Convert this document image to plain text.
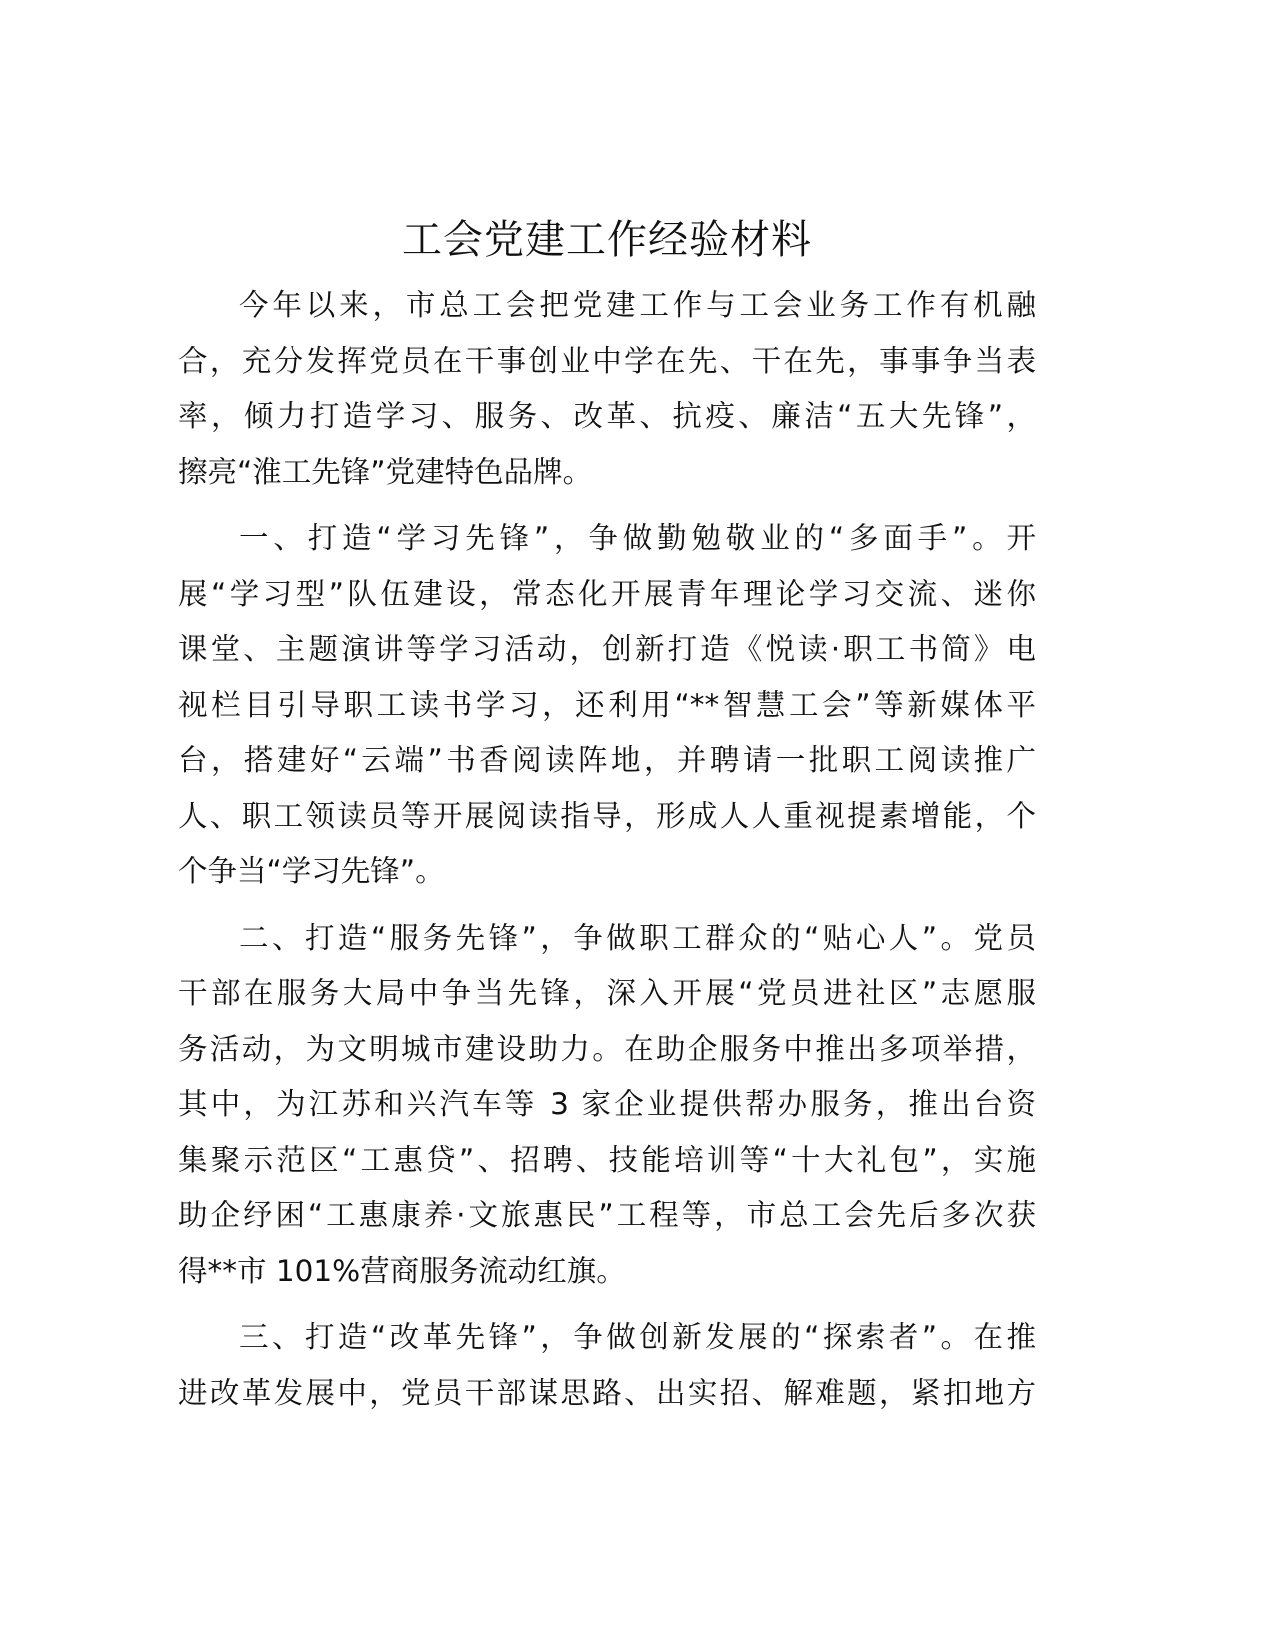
工会党建工作经验材料
今年以来，市总工会把党建工作与工会业务工作有机融
合，充分发挥党员在干事创业中学在先、干在先，事事争当表
率，倾力打造学习、服务、改革、抗疫、廉洁“五大先锋”，
擦亮“淮工先锋”党建特色品牌。
一、打造“学习先锋”，争做勤勉敬业的“多面手”。开
展“学习型”队伍建设，常态化开展青年理论学习交流、迷你
课堂、主题演讲等学习活动，创新打造《悦读·职工书简》电
视栏目引导职工读书学习，还利用“**智慧工会”等新媒体平
台，搭建好“云端”书香阅读阵地，并聘请一批职工阅读推广
人、职工领读员等开展阅读指导，形成人人重视提素增能，个
个争当“学习先锋”。
二、打造“服务先锋”，争做职工群众的“贴心人”。党员
干部在服务大局中争当先锋，深入开展“党员进社区”志愿服
务活动，为文明城市建设助力。在助企服务中推出多项举措，
其中，为江苏和兴汽车等 3 家企业提供帮办服务，推出台资
集聚示范区“工惠贷”、招聘、技能培训等“十大礼包”，实施
助企纾困“工惠康养·文旅惠民”工程等，市总工会先后多次获
得**市 101%营商服务流动红旗。
三、打造“改革先锋”，争做创新发展的“探索者”。在推
进改革发展中，党员干部谋思路、出实招、解难题，紧扣地方
